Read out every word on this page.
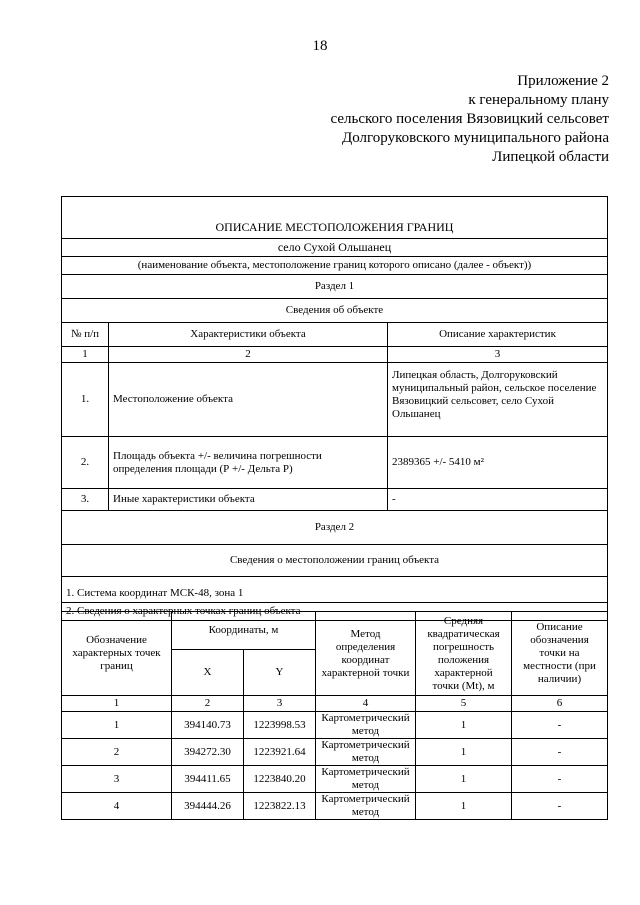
18
Приложение 2
к генеральному плану
сельского поселения Вязовицкий сельсовет
Долгоруковского муниципального района
Липецкой области
ОПИСАНИЕ МЕСТОПОЛОЖЕНИЯ ГРАНИЦ		
село Сухой Ольшанец		
(наименование объекта, местоположение границ которого описано (далее - объект))		
Раздел 1		
Сведения об объекте		
№ п/п	Характеристики объекта	Описание характеристик
1	2	3
1.	Местоположение объекта	Липецкая область, Долгоруковский муниципальный район, сельское поселение Вязовицкий сельсовет, село Сухой Ольшанец
2.	Площадь объекта +/- величина погрешности определения площади (Р +/- Дельта Р)	2389365 +/- 5410 м²
3.	Иные характеристики объекта	-
Раздел 2		
Сведения о местоположении границ объекта		
1. Система координат МСК-48, зона 1		
2. Сведения о характерных точках границ объекта		
Обозначение характерных точек границ	Координаты, м		Метод определения координат характерной точки	Средняя квадратическая погрешность положения характерной точки (Mt), м	Описание обозначения точки на местности (при наличии)
	X	Y			
1	2	3	4	5	6
1	394140.73	1223998.53	Картометрический метод	1	-
2	394272.30	1223921.64	Картометрический метод	1	-
3	394411.65	1223840.20	Картометрический метод	1	-
4	394444.26	1223822.13	Картометрический метод	1	-
